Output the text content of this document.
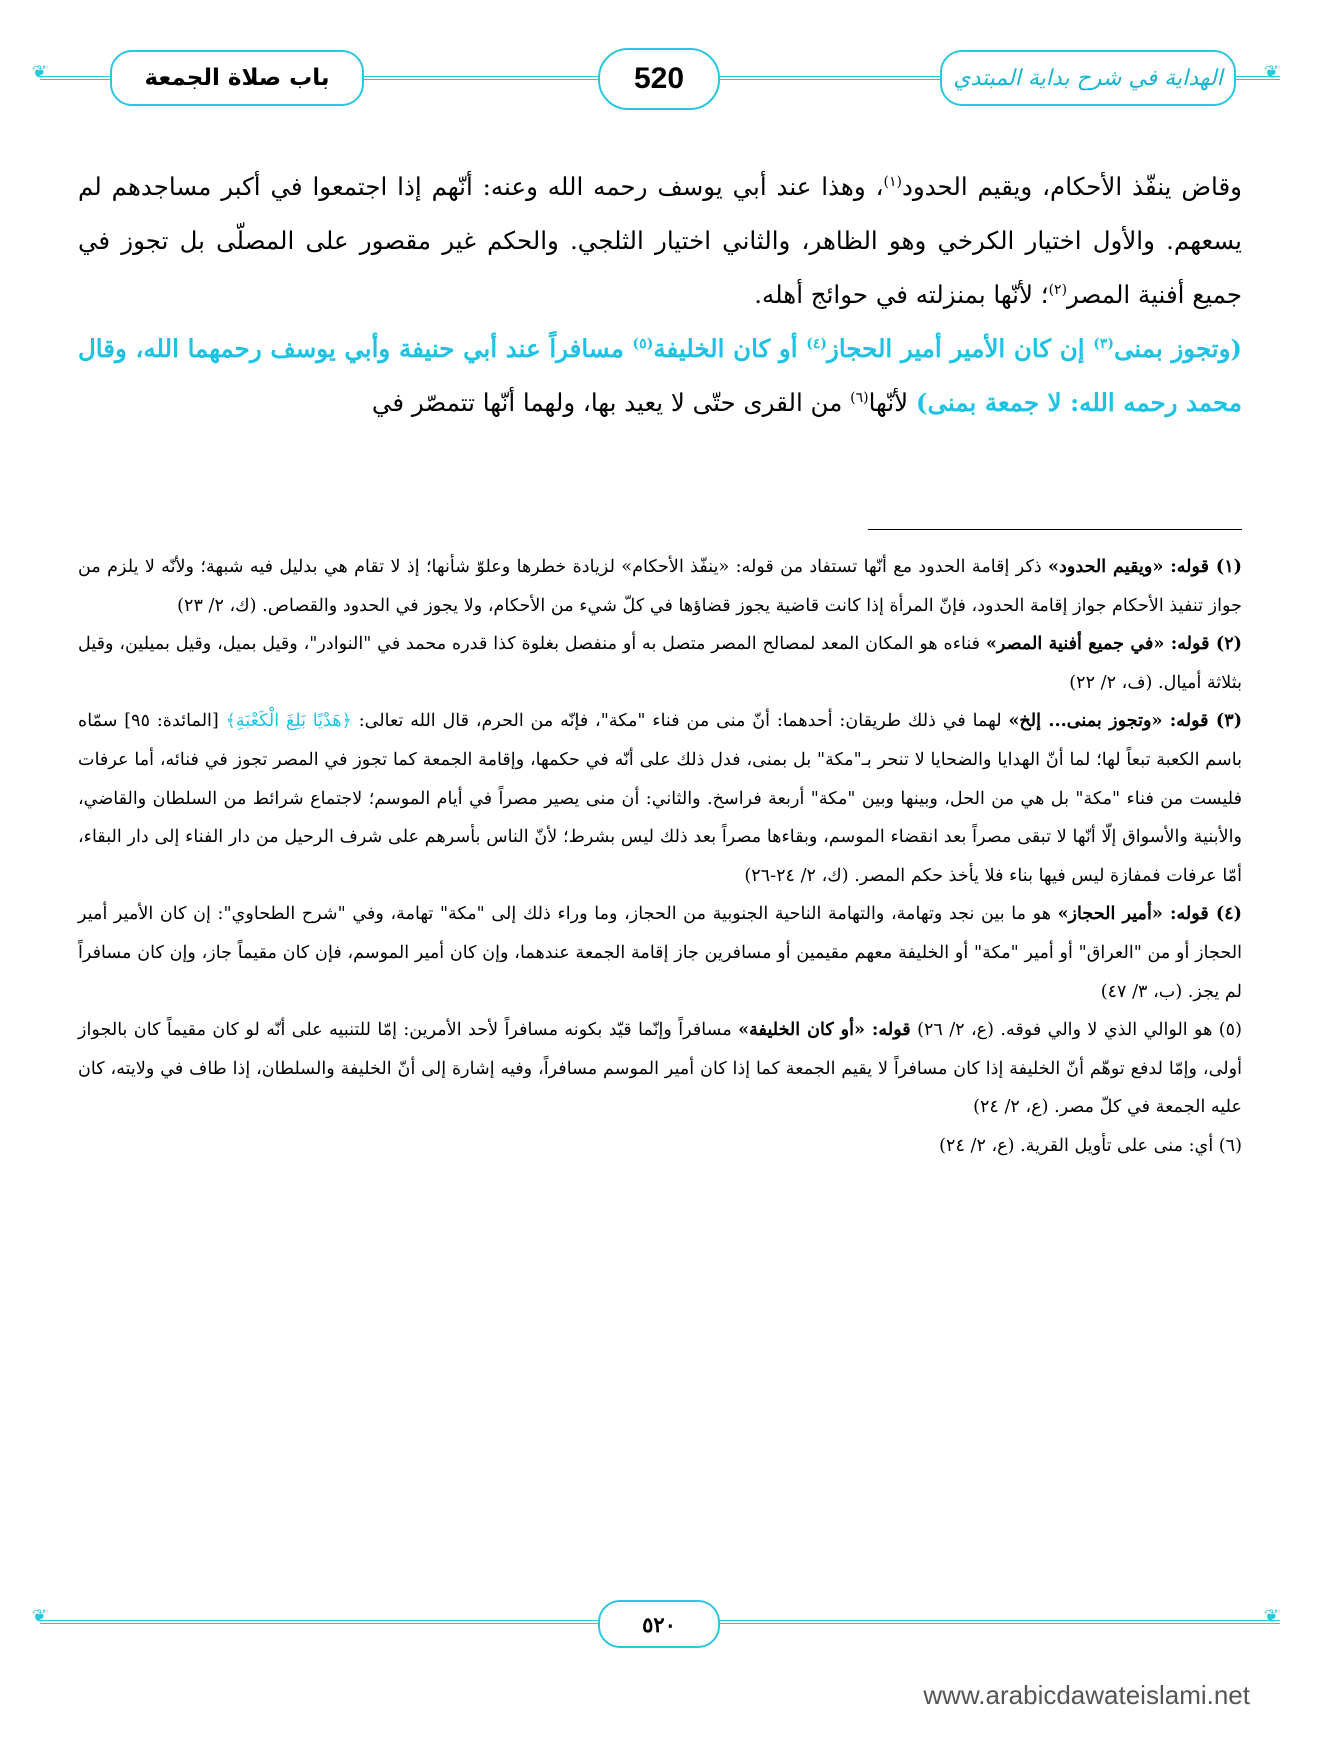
❦	❦
باب صلاة الجمعة	520	الهداية في شرح بداية المبتدي

وقاض ينفّذ الأحكام، ويقيم الحدود$^{(١)}$، وهذا عند أبي يوسف رحمه الله وعنه: أنّهم إذا اجتمعوا في أكبر مساجدهم لم يسعهم. والأول اختيار الكرخي وهو الظاهر، والثاني اختيار الثلجي. والحكم غير مقصور على المصلّى بل تجوز في جميع أفنية المصر$^{(٢)}$؛ لأنّها بمنزلته في حوائج أهله.

(وتجوز بمنى$^{(٣)}$ إن كان الأمير أمير الحجاز$^{(٤)}$ أو كان الخليفة$^{(٥)}$ مسافراً عند أبي حنيفة وأبي يوسف رحمهما الله، وقال محمد رحمه الله: لا جمعة بمنى) لأنّها$^{(٦)}$ من القرى حتّى لا يعيد بها، ولهما أنّها تتمصّر في

(١) قوله: «ويقيم الحدود» ذكر إقامة الحدود مع أنّها تستفاد من قوله: «ينفّذ الأحكام» لزيادة خطرها وعلوّ شأنها؛ إذ لا تقام هي بدليل فيه شبهة؛ ولأنّه لا يلزم من جواز تنفيذ الأحكام جواز إقامة الحدود، فإنّ المرأة إذا كانت قاضية يجوز قضاؤها في كلّ شيء من الأحكام، ولا يجوز في الحدود والقصاص. (ك، ٢/ ٢٣)

(٢) قوله: «في جميع أفنية المصر» فناءه هو المكان المعد لمصالح المصر متصل به أو منفصل بغلوة كذا قدره محمد في "النوادر"، وقيل بميل، وقيل بميلين، وقيل بثلاثة أميال. (ف، ٢/ ٢٢)

(٣) قوله: «وتجوز بمنى... إلخ» لهما في ذلك طريقان: أحدهما: أنّ منى من فناء "مكة"، فإنّه من الحرم، قال الله تعالى: ﴿هَدْيًا بَلِغَ الْكَعْبَةِ﴾ [المائدة: ٩٥] سمّاه باسم الكعبة تبعاً لها؛ لما أنّ الهدايا والضحايا لا تنحر بـ"مكة" بل بمنى، فدل ذلك على أنّه في حكمها، وإقامة الجمعة كما تجوز في المصر تجوز في فنائه، أما عرفات فليست من فناء "مكة" بل هي من الحل، وبينها وبين "مكة" أربعة فراسخ. والثاني: أن منى يصير مصراً في أيام الموسم؛ لاجتماع شرائط من السلطان والقاضي، والأبنية والأسواق إلّا أنّها لا تبقى مصراً بعد انقضاء الموسم، وبقاءها مصراً بعد ذلك ليس بشرط؛ لأنّ الناس بأسرهم على شرف الرحيل من دار الفناء إلى دار البقاء، أمّا عرفات فمفازة ليس فيها بناء فلا يأخذ حكم المصر. (ك، ٢/ ٢٤-٢٦)

(٤) قوله: «أمير الحجاز» هو ما بين نجد وتهامة، والتهامة الناحية الجنوبية من الحجاز، وما وراء ذلك إلى "مكة" تهامة، وفي "شرح الطحاوي": إن كان الأمير أمير الحجاز أو من "العراق" أو أمير "مكة" أو الخليفة معهم مقيمين أو مسافرين جاز إقامة الجمعة عندهما، وإن كان أمير الموسم، فإن كان مقيماً جاز، وإن كان مسافراً لم يجز. (ب، ٣/ ٤٧)

(٥) هو الوالي الذي لا والي فوقه. (ع، ٢/ ٢٦) قوله: «أو كان الخليفة» مسافراً وإنّما قيّد بكونه مسافراً لأحد الأمرين: إمّا للتنبيه على أنّه لو كان مقيماً كان بالجواز أولى، وإمّا لدفع توهّم أنّ الخليفة إذا كان مسافراً لا يقيم الجمعة كما إذا كان أمير الموسم مسافراً، وفيه إشارة إلى أنّ الخليفة والسلطان، إذا طاف في ولايته، كان عليه الجمعة في كلّ مصر. (ع، ٢/ ٢٤)

(٦) أي: منى على تأويل القرية. (ع، ٢/ ٢٤)

❦	❦
٥٢٠
www.arabicdawateislami.net
